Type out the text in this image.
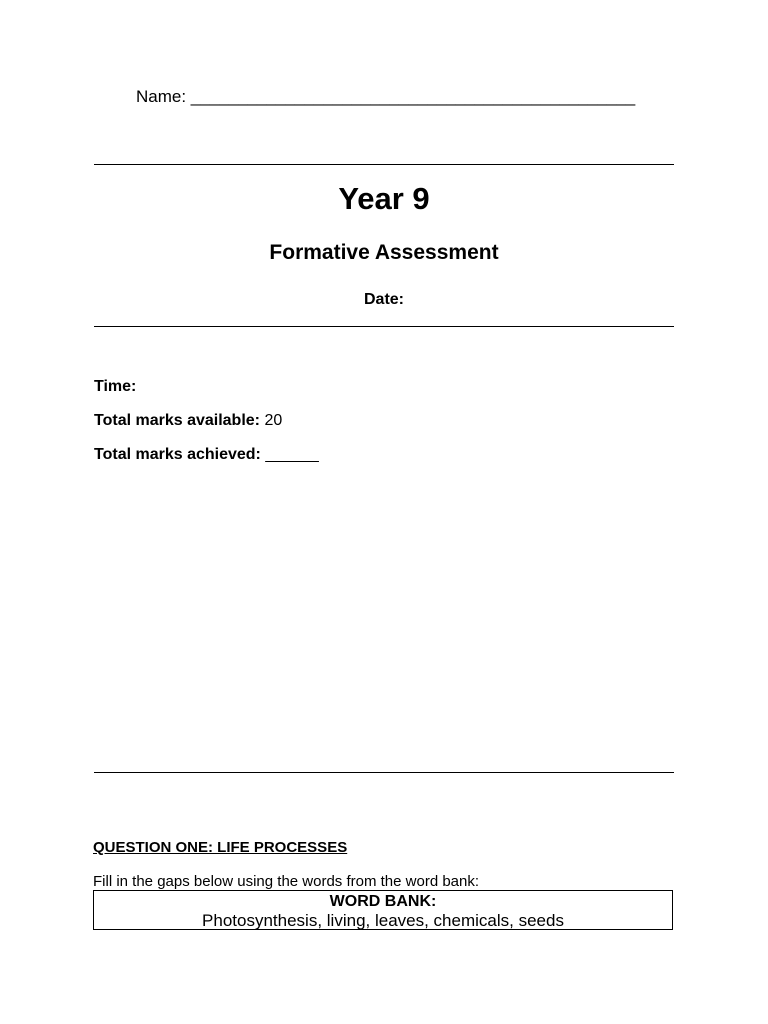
Name: _______________________________________________
Year 9
Formative Assessment
Date:
Time:
Total marks available: 20
Total marks achieved: ______
QUESTION ONE: LIFE PROCESSES
Fill in the gaps below using the words from the word bank:
WORD BANK:
Photosynthesis, living, leaves, chemicals, seeds
